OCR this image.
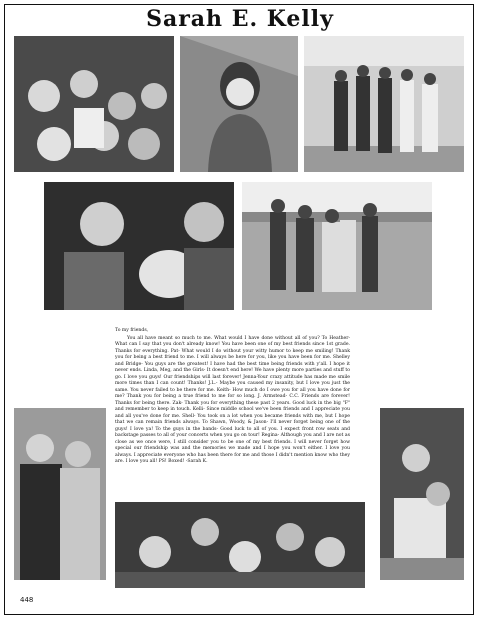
Sarah E. Kelly

To my friends,

You all have meant so much to me. What would I have done without all of you? To Heather- What can I say that you don't already know! You have been one of my best friends since 1st grade. Thanks for everything. Pat- What would I do without your witty humor to keep me smiling! Thank you for being a best friend to me. I will always be here for you, like you have been for me. Shelley and Bridge- You guys are the greatest! I have had the best time being friends with y'all. I hope it never ends. Linda, Meg, and the Girls- It doesn't end here! We have plenty more parties and stuff to go. I love you guys! Our friendships will last forever! Jenna-Your crazy attitude has made me smile more times than I can count! Thanks! J.L.- Maybe you caused my insanity, but I love you just the same. You never failed to be there for me. Keith- How much do I owe you for all you have done for me? Thank you for being a true friend to me for so long. J. Armstead- C.C. Friends are forever! Thanks for being there. Zak- Thank you for everything these past 2 years. Good luck in the big "F" and remember to keep in touch. Kelli- Since middle school we've been friends and I appreciate you and all you've done for me. Shell- You took on a lot when you became friends with me, but I hope that we can remain friends always. To Shawn, Woody, & Jason- I'll never forget being one of the guys! I love ya! To the guys in the bands- Good luck to all of you. I expect front row seats and backstage passes to all of your concerts when you go on tour! Regina- Although you and I are not as close as we once were, I still consider you to be one of my best friends. I will never forget how special our friendship was and the memories we made and I hope you won't either. I love you always. I appreciate everyone who has been there for me and those I didn't mention know who they are. I love you all! PS! Boxed! -Sarah K.

448
